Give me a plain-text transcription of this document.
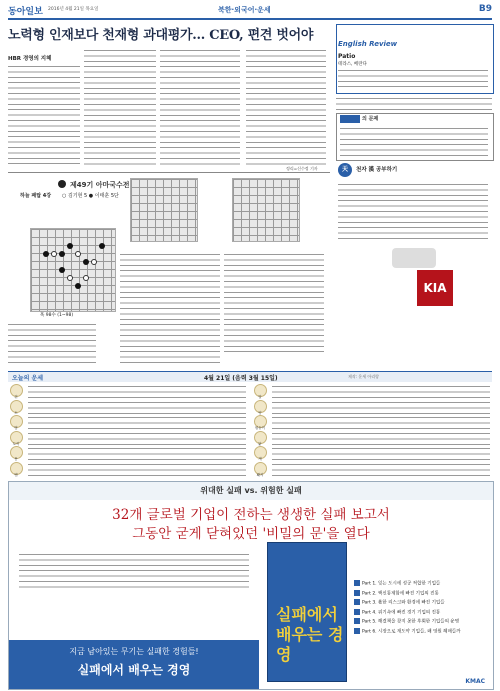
동아일보 2016년 4월 21일 목요일	북한·외국어·운세	B9
노력형 인재보다 천재형 과대평가… CEO, 편견 벗어야
HBR 경영의 지혜
정리=신수정 기자
제49기 아마국수전
하늘 패탑 4강 ○ 김기현 5 ● 이태훈 5단
흑 98수 (1~98)
English Review
Patio
테라스, 베란다
의 문제
天	천자 漢 공부하기
KIA
오늘의 운세	4월 21일 (음력 3월 15일)	제작: 운세 아리랑
쥐
소
범
토끼
용
뱀
말
양
원숭이
닭
개
돼지
위대한 실패 vs. 위험한 실패
32개 글로벌 기업이 전하는 생생한 실패 보고서
그동안 굳게 닫혀있던 '비밀의 문'을 열다
실패에서 배우는 경영
Part 1. 잊는 도시에 성공 적합한 기업들
Part 2. 핵신통제함에 빠진 기업의 진통
Part 3. 훌한 리스크와 환경에 빠진 기업들
Part 4. 위기속에 빠진 경기 기업의 진통
Part 5. 해결책을 찾지 못한 후회한 기업들의 운명
Part 6. 시장으로 재도약 기업들, 왜 영원 헤매들까
지금 남아있는 무기는 실패한 경험들!
실패에서 배우는 경영
KMAC
